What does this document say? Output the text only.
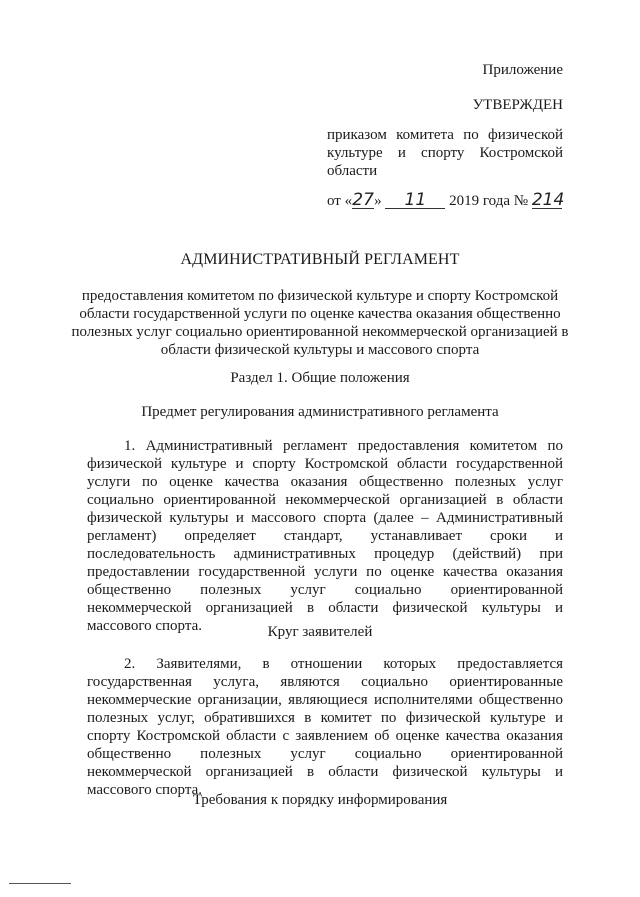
Приложение
УТВЕРЖДЕН
приказом комитета по физической культуре и спорту Костромской области
от «27» 11 2019 года № 214
АДМИНИСТРАТИВНЫЙ РЕГЛАМЕНТ
предоставления комитетом по физической культуре и спорту Костромской области государственной услуги по оценке качества оказания общественно полезных услуг социально ориентированной некоммерческой организацией в области физической культуры и массового спорта
Раздел 1. Общие положения
Предмет регулирования административного регламента
1. Административный регламент предоставления комитетом по физической культуре и спорту Костромской области государственной услуги по оценке качества оказания общественно полезных услуг социально ориентированной некоммерческой организацией в области физической культуры и массового спорта (далее – Административный регламент) определяет стандарт, устанавливает сроки и последовательность административных процедур (действий) при предоставлении государственной услуги по оценке качества оказания общественно полезных услуг социально ориентированной некоммерческой организацией в области физической культуры и массового спорта.	Круг заявителей
2. Заявителями, в отношении которых предоставляется государственная услуга, являются социально ориентированные некоммерческие организации, являющиеся исполнителями общественно полезных услуг, обратившихся в комитет по физической культуре и спорту Костромской области с заявлением об оценке качества оказания общественно полезных услуг социально ориентированной некоммерческой организацией в области физической культуры и массового спорта.
Требования к порядку информирования
